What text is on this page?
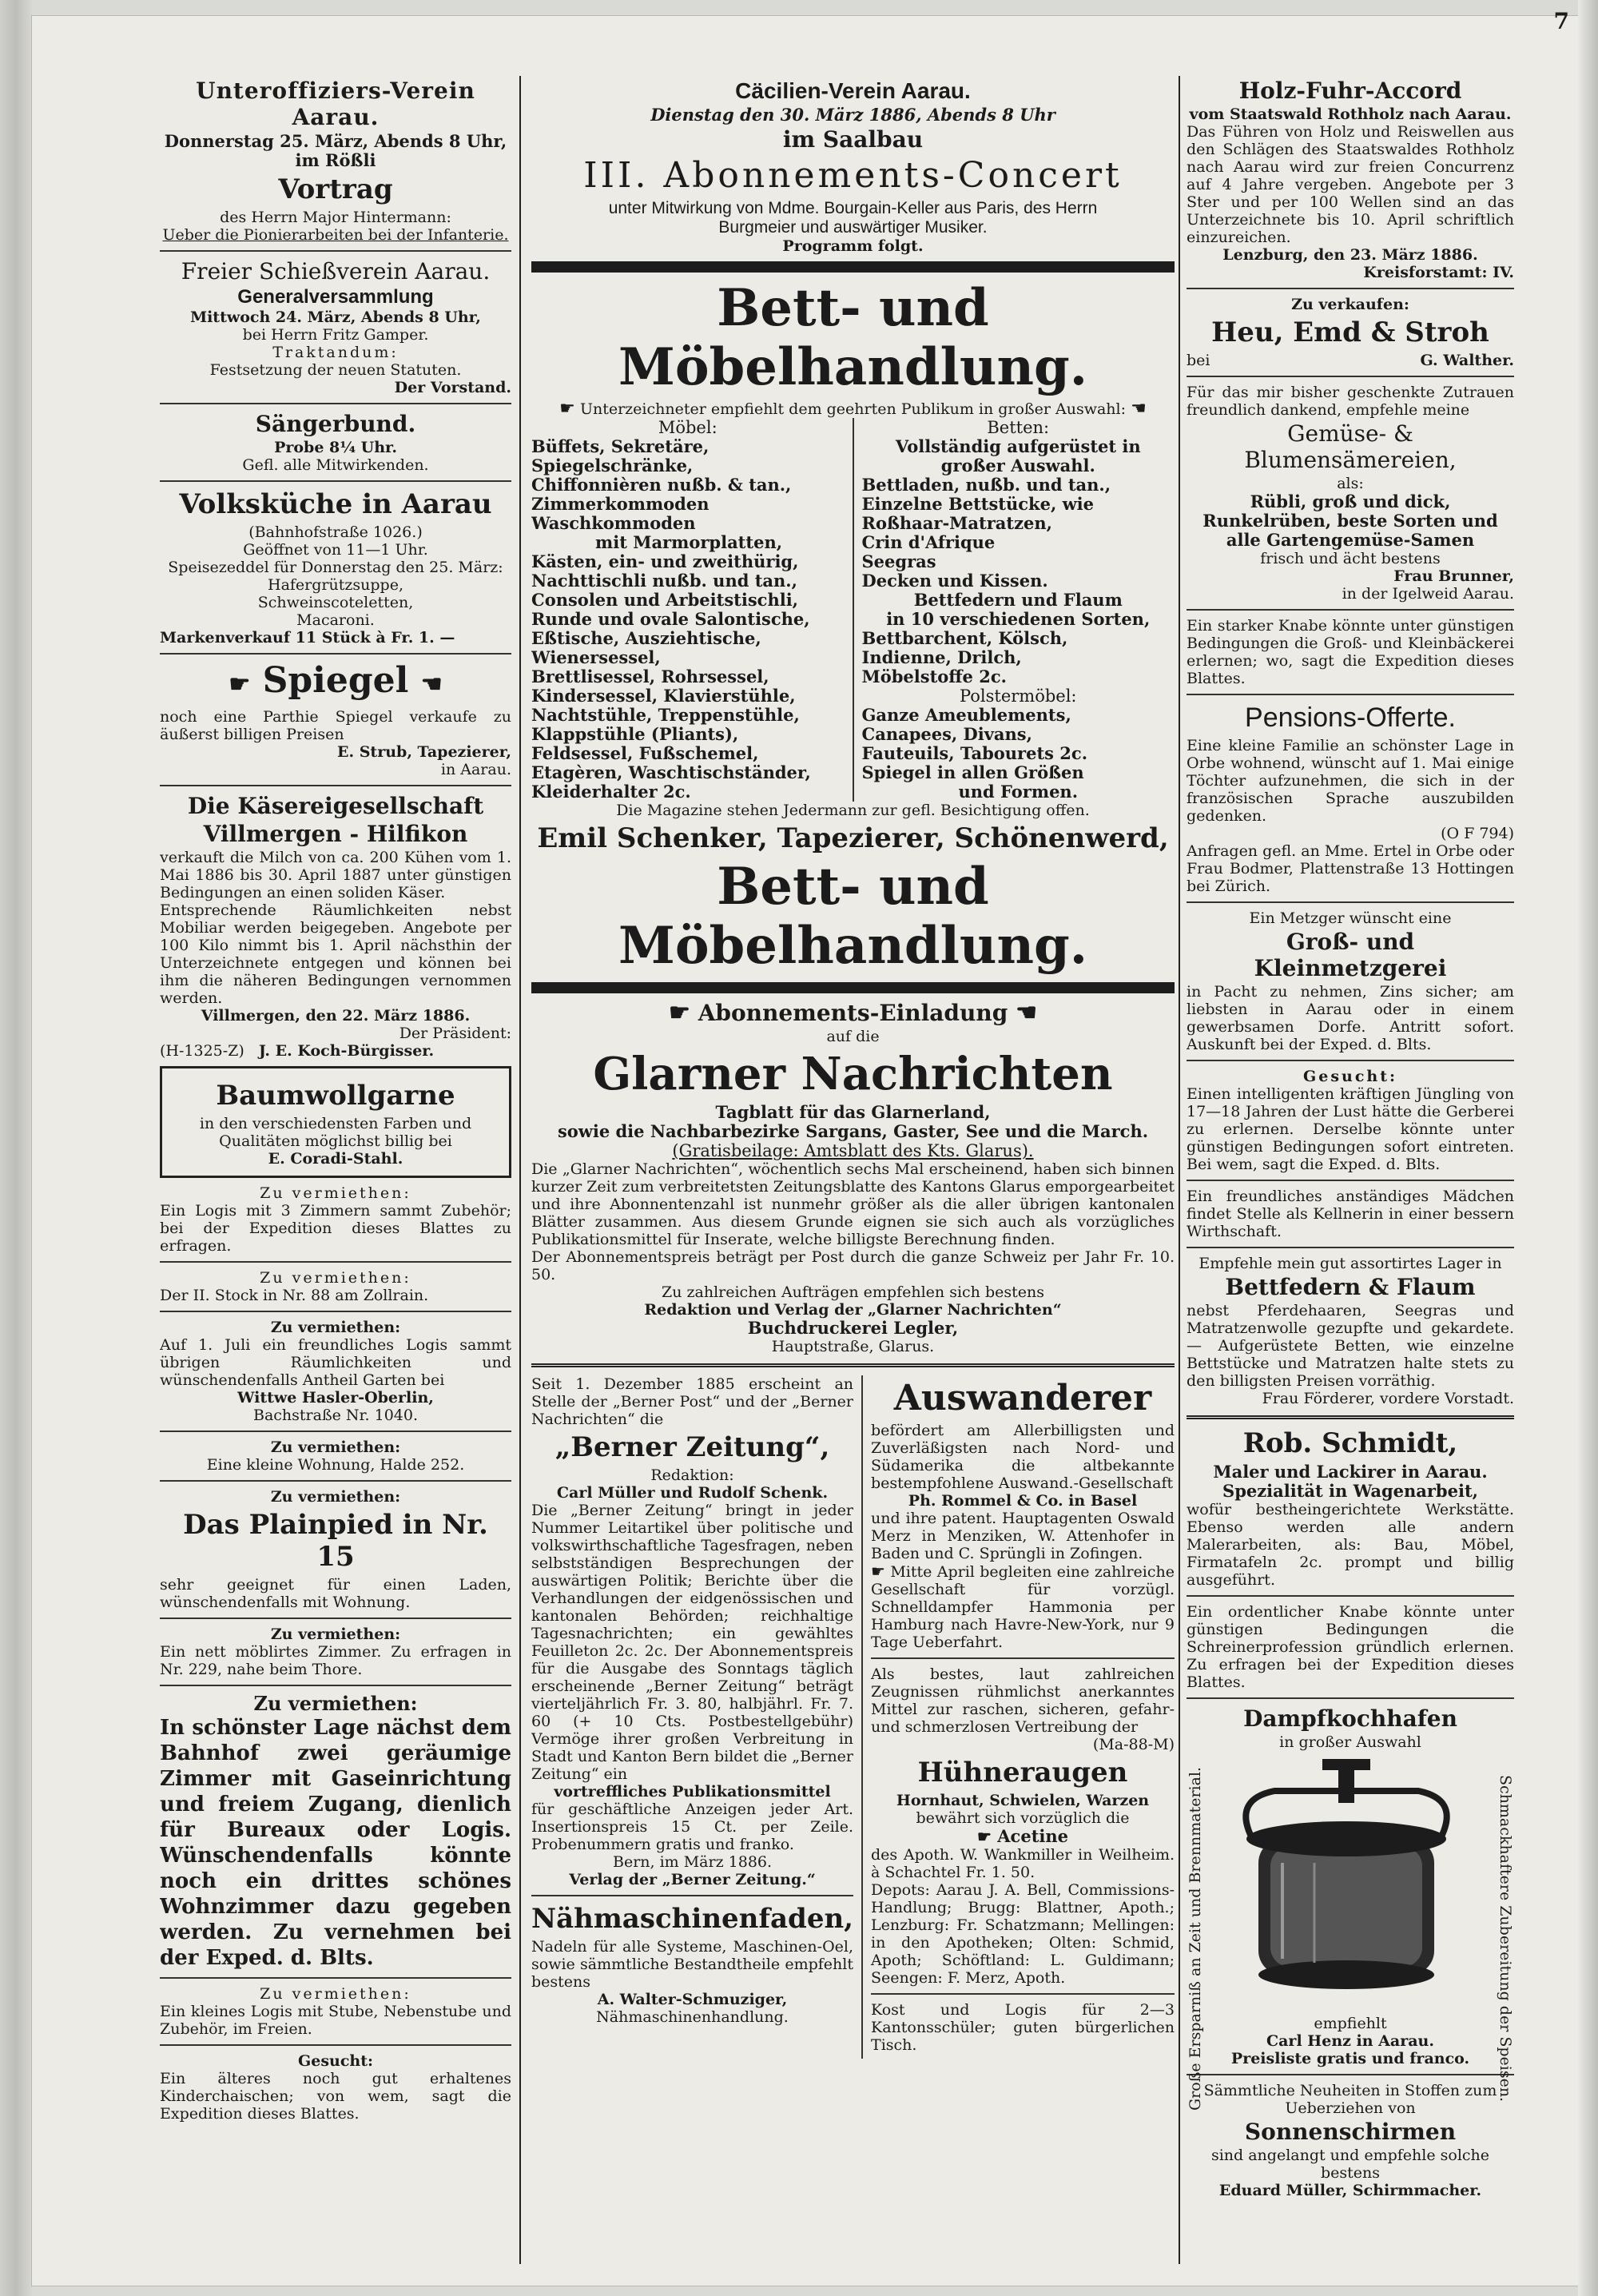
7

Unteroffiziers-Verein Aarau.

Donnerstag 25. März, Abends 8 Uhr,

im Rößli

Vortrag

des Herrn Major Hintermann:

Ueber die Pionierarbeiten bei der Infanterie.

Freier Schießverein Aarau.

Generalversammlung

Mittwoch 24. März, Abends 8 Uhr,

bei Herrn Fritz Gamper.

Traktandum:

Festsetzung der neuen Statuten.

Der Vorstand.

Sängerbund.

Probe 8¼ Uhr.

Gefl. alle Mitwirkenden.

Volksküche in Aarau

(Bahnhofstraße 1026.)

Geöffnet von 11—1 Uhr.

Speisezeddel für Donnerstag den 25. März:

Hafergrützsuppe,

Schweinscoteletten,

Macaroni.

Markenverkauf 11 Stück à Fr. 1. —

☛ Spiegel ☚

noch eine Parthie Spiegel verkaufe zu äußerst billigen Preisen

E. Strub, Tapezierer,

in Aarau.

Die Käsereigesellschaft

Villmergen - Hilfikon

verkauft die Milch von ca. 200 Kühen vom 1. Mai 1886 bis 30. April 1887 unter günstigen Bedingungen an einen soliden Käser.

Entsprechende Räumlichkeiten nebst Mobiliar werden beigegeben. Angebote per 100 Kilo nimmt bis 1. April nächsthin der Unterzeichnete entgegen und können bei ihm die näheren Bedingungen vernommen werden.

Villmergen, den 22. März 1886.

Der Präsident:

(H-1325-Z) J. E. Koch-Bürgisser.

Baumwollgarne

in den verschiedensten Farben und

Qualitäten möglichst billig bei

E. Coradi-Stahl.

Zu vermiethen:

Ein Logis mit 3 Zimmern sammt Zubehör; bei der Expedition dieses Blattes zu erfragen.

Zu vermiethen:

Der II. Stock in Nr. 88 am Zollrain.

Zu vermiethen:

Auf 1. Juli ein freundliches Logis sammt übrigen Räumlichkeiten und wünschendenfalls Antheil Garten bei

Wittwe Hasler-Oberlin,

Bachstraße Nr. 1040.

Zu vermiethen:

Eine kleine Wohnung, Halde 252.

Zu vermiethen:

Das Plainpied in Nr. 15

sehr geeignet für einen Laden, wünschendenfalls mit Wohnung.

Zu vermiethen:

Ein nett möblirtes Zimmer. Zu erfragen in Nr. 229, nahe beim Thore.

Zu vermiethen:

In schönster Lage nächst dem Bahnhof zwei geräumige Zimmer mit Gaseinrichtung und freiem Zugang, dienlich für Bureaux oder Logis. Wünschendenfalls könnte noch ein drittes schönes Wohnzimmer dazu gegeben werden. Zu vernehmen bei der Exped. d. Blts.

Zu vermiethen:

Ein kleines Logis mit Stube, Nebenstube und Zubehör, im Freien.

Gesucht:

Ein älteres noch gut erhaltenes Kinderchaischen; von wem, sagt die Expedition dieses Blattes.

Cäcilien-Verein Aarau.

Dienstag den 30. März 1886, Abends 8 Uhr

im Saalbau

III. Abonnements-Concert

unter Mitwirkung von Mdme. Bourgain-Keller aus Paris, des Herrn

Burgmeier und auswärtiger Musiker.

Programm folgt.

Bett- und Möbelhandlung.

☛ Unterzeichneter empfiehlt dem geehrten Publikum in großer Auswahl: ☚

Möbel:

Büffets, Sekretäre,

Spiegelschränke,

Chiffonnièren nußb. & tan.,

Zimmerkommoden

Waschkommoden

mit Marmorplatten,

Kästen, ein- und zweithürig,

Nachttischli nußb. und tan.,

Consolen und Arbeitstischli,

Runde und ovale Salontische,

Eßtische, Ausziehtische,

Wienersessel,

Brettlisessel, Rohrsessel,

Kindersessel, Klavierstühle,

Nachtstühle, Treppenstühle,

Klappstühle (Pliants),

Feldsessel, Fußschemel,

Etagèren, Waschtischständer,

Kleiderhalter 2c.

Betten:

Vollständig aufgerüstet in

großer Auswahl.

Bettladen, nußb. und tan.,

Einzelne Bettstücke, wie

Roßhaar-Matratzen,

Crin d'Afrique

Seegras

Decken und Kissen.

Bettfedern und Flaum

in 10 verschiedenen Sorten,

Bettbarchent, Kölsch,

Indienne, Drilch,

Möbelstoffe 2c.

Polstermöbel:

Ganze Ameublements,

Canapees, Divans,

Fauteuils, Tabourets 2c.

Spiegel in allen Größen

und Formen.

Die Magazine stehen Jedermann zur gefl. Besichtigung offen.

Emil Schenker, Tapezierer, Schönenwerd,

Bett- und Möbelhandlung.

☛ Abonnements-Einladung ☚

auf die

Glarner Nachrichten

Tagblatt für das Glarnerland,

sowie die Nachbarbezirke Sargans, Gaster, See und die March.

(Gratisbeilage: Amtsblatt des Kts. Glarus).

Die „Glarner Nachrichten“, wöchentlich sechs Mal erscheinend, haben sich binnen kurzer Zeit zum verbreitetsten Zeitungsblatte des Kantons Glarus emporgearbeitet und ihre Abonnentenzahl ist nunmehr größer als die aller übrigen kantonalen Blätter zusammen. Aus diesem Grunde eignen sie sich auch als vorzügliches Publikationsmittel für Inserate, welche billigste Berechnung finden.

Der Abonnementspreis beträgt per Post durch die ganze Schweiz per Jahr Fr. 10. 50.

Zu zahlreichen Aufträgen empfehlen sich bestens

Redaktion und Verlag der „Glarner Nachrichten“

Buchdruckerei Legler,

Hauptstraße, Glarus.

Seit 1. Dezember 1885 erscheint an Stelle der „Berner Post“ und der „Berner Nachrichten“ die

„Berner Zeitung“,

Redaktion:

Carl Müller und Rudolf Schenk.

Die „Berner Zeitung“ bringt in jeder Nummer Leitartikel über politische und volkswirthschaftliche Tagesfragen, neben selbstständigen Besprechungen der auswärtigen Politik; Berichte über die Verhandlungen der eidgenössischen und kantonalen Behörden; reichhaltige Tagesnachrichten; ein gewähltes Feuilleton 2c. 2c. Der Abonnementspreis für die Ausgabe des Sonntags täglich erscheinende „Berner Zeitung“ beträgt vierteljährlich Fr. 3. 80, halbjährl. Fr. 7. 60 (+ 10 Cts. Postbestellgebühr) Vermöge ihrer großen Verbreitung in Stadt und Kanton Bern bildet die „Berner Zeitung“ ein

vortreffliches Publikationsmittel

für geschäftliche Anzeigen jeder Art. Insertionspreis 15 Ct. per Zeile. Probenummern gratis und franko.

Bern, im März 1886.

Verlag der „Berner Zeitung.“

Nähmaschinenfaden,

Nadeln für alle Systeme, Maschinen-Oel, sowie sämmtliche Bestandtheile empfehlt bestens

A. Walter-Schmuziger,

Nähmaschinenhandlung.

Auswanderer

befördert am Allerbilligsten und Zuverläßigsten nach Nord- und Südamerika die altbekannte bestempfohlene Auswand.-Gesellschaft

Ph. Rommel & Co. in Basel

und ihre patent. Hauptagenten Oswald Merz in Menziken, W. Attenhofer in Baden und C. Sprüngli in Zofingen.

☛ Mitte April begleiten eine zahlreiche Gesellschaft für vorzügl. Schnelldampfer Hammonia per Hamburg nach Havre-New-York, nur 9 Tage Ueberfahrt.

Als bestes, laut zahlreichen Zeugnissen rühmlichst anerkanntes Mittel zur raschen, sicheren, gefahr- und schmerzlosen Vertreibung der

(Ma-88-M)

Hühneraugen

Hornhaut, Schwielen, Warzen

bewährt sich vorzüglich die

☛ Acetine

des Apoth. W. Wankmiller in Weilheim. à Schachtel Fr. 1. 50.

Depots: Aarau J. A. Bell, Commissions-Handlung; Brugg: Blattner, Apoth.; Lenzburg: Fr. Schatzmann; Mellingen: in den Apotheken; Olten: Schmid, Apoth; Schöftland: L. Guldimann; Seengen: F. Merz, Apoth.

Kost und Logis für 2—3 Kantonsschüler; guten bürgerlichen Tisch.

Holz-Fuhr-Accord

vom Staatswald Rothholz nach Aarau.

Das Führen von Holz und Reiswellen aus den Schlägen des Staatswaldes Rothholz nach Aarau wird zur freien Concurrenz auf 4 Jahre vergeben. Angebote per 3 Ster und per 100 Wellen sind an das Unterzeichnete bis 10. April schriftlich einzureichen.

Lenzburg, den 23. März 1886.

Kreisforstamt: IV.

Zu verkaufen:

Heu, Emd & Stroh

bei	G. Walther.

Für das mir bisher geschenkte Zutrauen freundlich dankend, empfehle meine

Gemüse- & Blumensämereien,

als:

Rübli, groß und dick, Runkelrüben, beste Sorten und alle Gartengemüse-Samen

frisch und ächt bestens

Frau Brunner,

in der Igelweid Aarau.

Ein starker Knabe könnte unter günstigen Bedingungen die Groß- und Kleinbäckerei erlernen; wo, sagt die Expedition dieses Blattes.

Pensions-Offerte.

Eine kleine Familie an schönster Lage in Orbe wohnend, wünscht auf 1. Mai einige Töchter aufzunehmen, die sich in der französischen Sprache auszubilden gedenken.

(O F 794)

Anfragen gefl. an Mme. Ertel in Orbe oder Frau Bodmer, Plattenstraße 13 Hottingen bei Zürich.

Ein Metzger wünscht eine

Groß- und Kleinmetzgerei

in Pacht zu nehmen, Zins sicher; am liebsten in Aarau oder in einem gewerbsamen Dorfe. Antritt sofort. Auskunft bei der Exped. d. Blts.

Gesucht:

Einen intelligenten kräftigen Jüngling von 17—18 Jahren der Lust hätte die Gerberei zu erlernen. Derselbe könnte unter günstigen Bedingungen sofort eintreten. Bei wem, sagt die Exped. d. Blts.

Ein freundliches anständiges Mädchen findet Stelle als Kellnerin in einer bessern Wirthschaft.

Empfehle mein gut assortirtes Lager in

Bettfedern & Flaum

nebst Pferdehaaren, Seegras und Matratzenwolle gezupfte und gekardete. — Aufgerüstete Betten, wie einzelne Bettstücke und Matratzen halte stets zu den billigsten Preisen vorräthig.

Frau Förderer, vordere Vorstadt.

Rob. Schmidt,

Maler und Lackirer in Aarau.

Spezialität in Wagenarbeit,

wofür bestheingerichtete Werkstätte. Ebenso werden alle andern Malerarbeiten, als: Bau, Möbel, Firmatafeln 2c. prompt und billig ausgeführt.

Ein ordentlicher Knabe könnte unter günstigen Bedingungen die Schreinerprofession gründlich erlernen. Zu erfragen bei der Expedition dieses Blattes.

Dampfkochhafen

in großer Auswahl

Große Ersparniß an Zeit und Brennmaterial.	Schmackhaftere Zubereitung der Speisen.

empfiehlt

Carl Henz in Aarau.

Preisliste gratis und franco.

Sämmtliche Neuheiten in Stoffen zum Ueberziehen von

Sonnenschirmen

sind angelangt und empfehle solche bestens

Eduard Müller, Schirmmacher.
